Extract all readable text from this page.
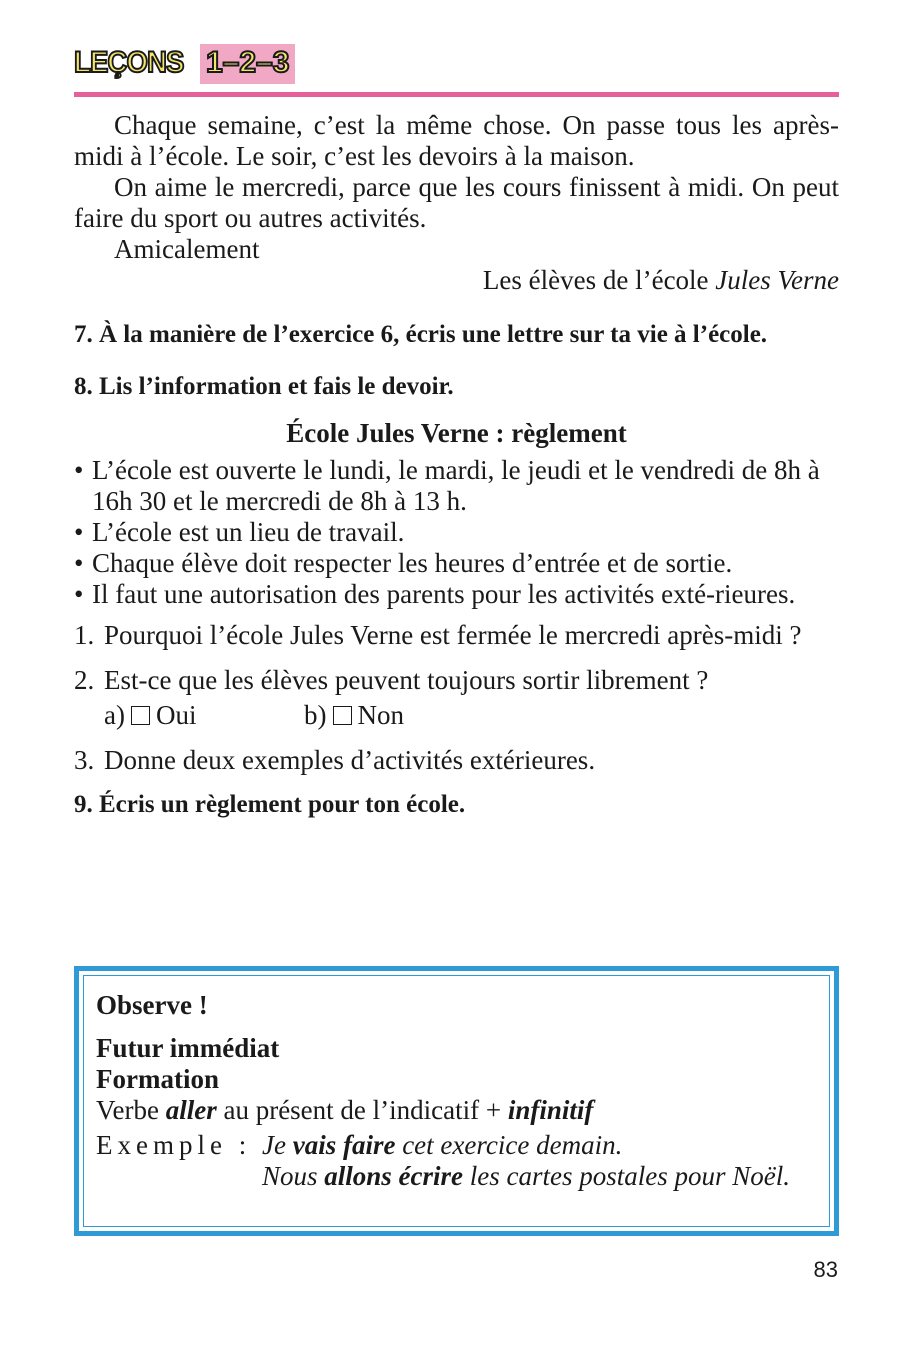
LEÇONS 1–2–3

Chaque semaine, c’est la même chose. On passe tous les après-midi à l’école. Le soir, c’est les devoirs à la maison.

On aime le mercredi, parce que les cours finissent à midi. On peut faire du sport ou autres activités.

Amicalement

Les élèves de l’école Jules Verne

7. À la manière de l’exercice 6, écris une lettre sur ta vie à l’école.

8. Lis l’information et fais le devoir.

École Jules Verne : règlement

• L’école est ouverte le lundi, le mardi, le jeudi et le vendredi de 8h à 16h 30 et le mercredi de 8h à 13 h.
• L’école est un lieu de travail.
• Chaque élève doit respecter les heures d’entrée et de sortie.
• Il faut une autorisation des parents pour les activités exté-rieures.
1. Pourquoi l’école Jules Verne est fermée le mercredi après-midi ?
2. Est-ce que les élèves peuvent toujours sortir librement ?
a) Oui	b) Non
3. Donne deux exemples d’activités extérieures.

9. Écris un règlement pour ton école.

Observe !

Futur immédiat

Formation

Verbe aller au présent de l’indicatif + infinitif

Exemple : Je vais faire cet exercice demain.

Nous allons écrire les cartes postales pour Noël.

83
